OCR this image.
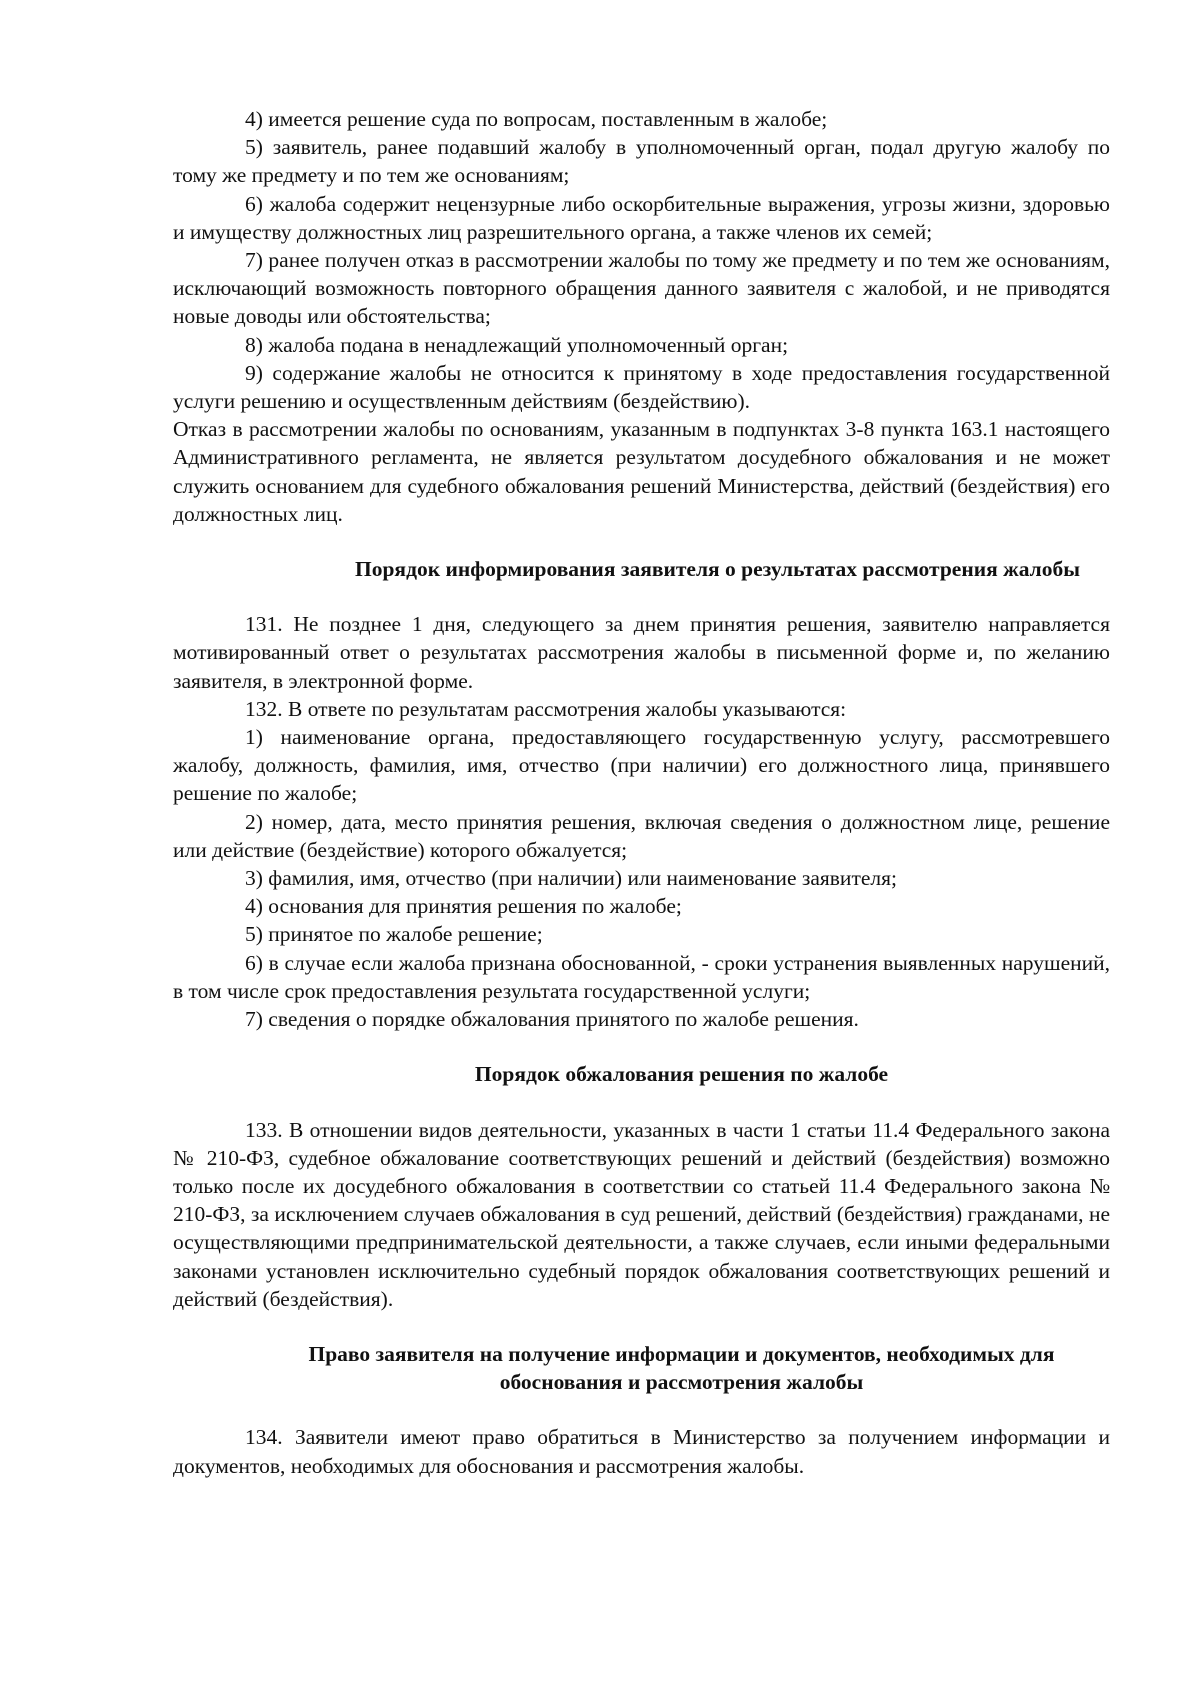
4) имеется решение суда по вопросам, поставленным в жалобе;

5) заявитель, ранее подавший жалобу в уполномоченный орган, подал другую жалобу по тому же предмету и по тем же основаниям;

6) жалоба содержит нецензурные либо оскорбительные выражения, угрозы жизни, здоровью и имуществу должностных лиц разрешительного органа, а также членов их семей;

7) ранее получен отказ в рассмотрении жалобы по тому же предмету и по тем же основаниям, исключающий возможность повторного обращения данного заявителя с жалобой, и не приводятся новые доводы или обстоятельства;

8) жалоба подана в ненадлежащий уполномоченный орган;

9) содержание жалобы не относится к принятому в ходе предоставления государственной услуги решению и осуществленным действиям (бездействию).

Отказ в рассмотрении жалобы по основаниям, указанным в подпунктах 3-8 пункта 163.1 настоящего Административного регламента, не является результатом досудебного обжалования и не может служить основанием для судебного обжалования решений Министерства, действий (бездействия) его должностных лиц.

Порядок информирования заявителя о результатах рассмотрения жалобы

131. Не позднее 1 дня, следующего за днем принятия решения, заявителю направляется мотивированный ответ о результатах рассмотрения жалобы в письменной форме и, по желанию заявителя, в электронной форме.

132. В ответе по результатам рассмотрения жалобы указываются:

1) наименование органа, предоставляющего государственную услугу, рассмотревшего жалобу, должность, фамилия, имя, отчество (при наличии) его должностного лица, принявшего решение по жалобе;

2) номер, дата, место принятия решения, включая сведения о должностном лице, решение или действие (бездействие) которого обжалуется;

3) фамилия, имя, отчество (при наличии) или наименование заявителя;

4) основания для принятия решения по жалобе;

5) принятое по жалобе решение;

6) в случае если жалоба признана обоснованной, - сроки устранения выявленных нарушений, в том числе срок предоставления результата государственной услуги;

7) сведения о порядке обжалования принятого по жалобе решения.

Порядок обжалования решения по жалобе

133. В отношении видов деятельности, указанных в части 1 статьи 11.4 Федерального закона № 210-ФЗ, судебное обжалование соответствующих решений и действий (бездействия) возможно только после их досудебного обжалования в соответствии со статьей 11.4 Федерального закона № 210-ФЗ, за исключением случаев обжалования в суд решений, действий (бездействия) гражданами, не осуществляющими предпринимательской деятельности, а также случаев, если иными федеральными законами установлен исключительно судебный порядок обжалования соответствующих решений и действий (бездействия).

Право заявителя на получение информации и документов, необходимых для
обоснования и рассмотрения жалобы

134. Заявители имеют право обратиться в Министерство за получением информации и документов, необходимых для обоснования и рассмотрения жалобы.
